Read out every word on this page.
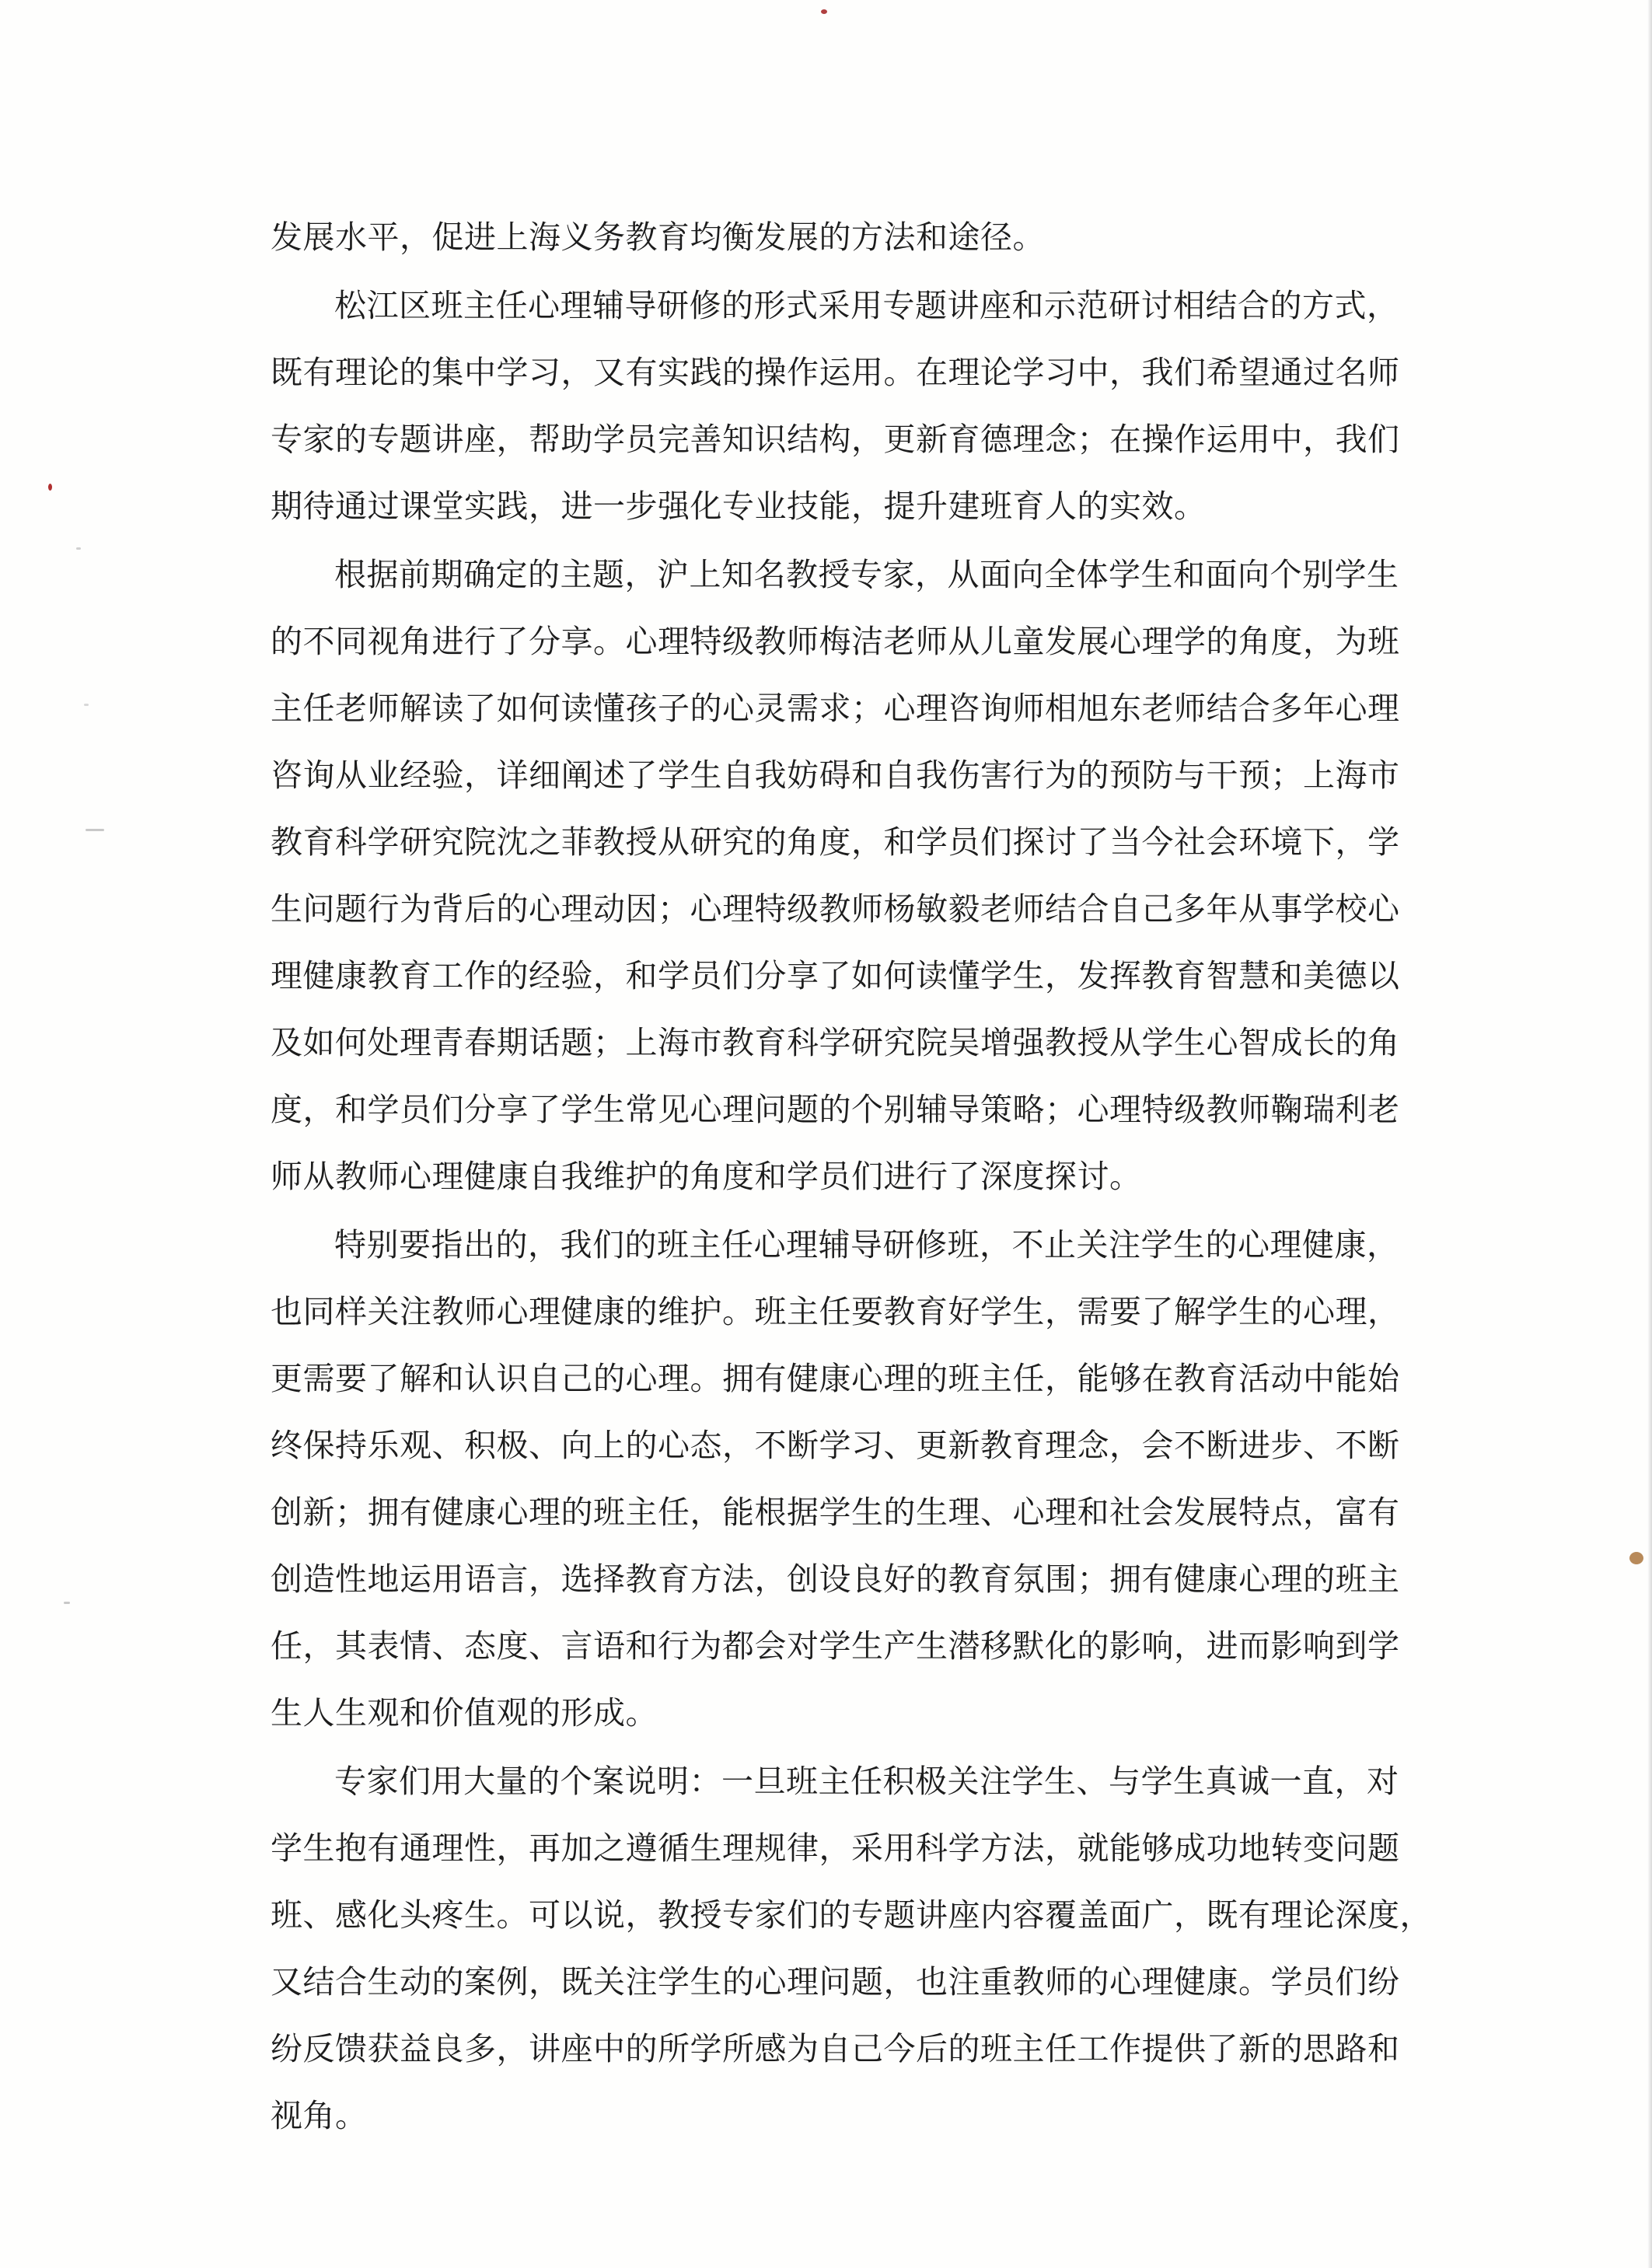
发展水平，促进上海义务教育均衡发展的方法和途径。
松江区班主任心理辅导研修的形式采用专题讲座和示范研讨相结合的方式，
既有理论的集中学习，又有实践的操作运用。在理论学习中，我们希望通过名师
专家的专题讲座，帮助学员完善知识结构，更新育德理念；在操作运用中，我们
期待通过课堂实践，进一步强化专业技能，提升建班育人的实效。
根据前期确定的主题，沪上知名教授专家，从面向全体学生和面向个别学生
的不同视角进行了分享。心理特级教师梅洁老师从儿童发展心理学的角度，为班
主任老师解读了如何读懂孩子的心灵需求；心理咨询师相旭东老师结合多年心理
咨询从业经验，详细阐述了学生自我妨碍和自我伤害行为的预防与干预；上海市
教育科学研究院沈之菲教授从研究的角度，和学员们探讨了当今社会环境下，学
生问题行为背后的心理动因；心理特级教师杨敏毅老师结合自己多年从事学校心
理健康教育工作的经验，和学员们分享了如何读懂学生，发挥教育智慧和美德以
及如何处理青春期话题；上海市教育科学研究院吴增强教授从学生心智成长的角
度，和学员们分享了学生常见心理问题的个别辅导策略；心理特级教师鞠瑞利老
师从教师心理健康自我维护的角度和学员们进行了深度探讨。
特别要指出的，我们的班主任心理辅导研修班，不止关注学生的心理健康，
也同样关注教师心理健康的维护。班主任要教育好学生，需要了解学生的心理，
更需要了解和认识自己的心理。拥有健康心理的班主任，能够在教育活动中能始
终保持乐观、积极、向上的心态，不断学习、更新教育理念，会不断进步、不断
创新；拥有健康心理的班主任，能根据学生的生理、心理和社会发展特点，富有
创造性地运用语言，选择教育方法，创设良好的教育氛围；拥有健康心理的班主
任，其表情、态度、言语和行为都会对学生产生潜移默化的影响，进而影响到学
生人生观和价值观的形成。
专家们用大量的个案说明：一旦班主任积极关注学生、与学生真诚一直，对
学生抱有通理性，再加之遵循生理规律，采用科学方法，就能够成功地转变问题
班、感化头疼生。可以说，教授专家们的专题讲座内容覆盖面广，既有理论深度，
又结合生动的案例，既关注学生的心理问题，也注重教师的心理健康。学员们纷
纷反馈获益良多，讲座中的所学所感为自己今后的班主任工作提供了新的思路和
视角。
